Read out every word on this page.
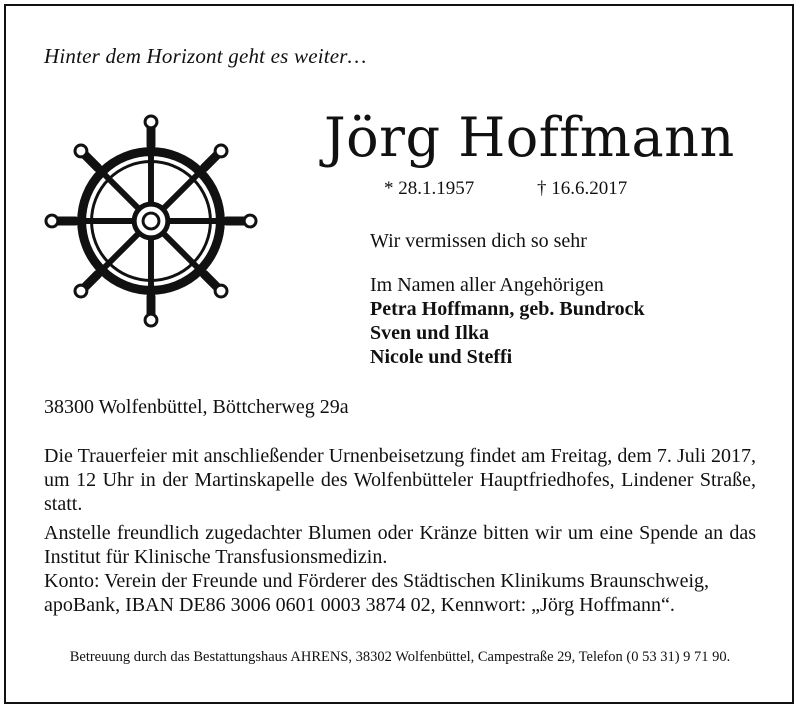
Hinter dem Horizont geht es weiter…
Jörg Hoffmann
* 28.1.1957	† 16.6.2017
Wir vermissen dich so sehr
Im Namen aller Angehörigen
Petra Hoffmann, geb. Bundrock
Sven und Ilka
Nicole und Steffi
38300 Wolfenbüttel, Böttcherweg 29a

Die Trauerfeier mit anschließender Urnenbeisetzung findet am Freitag, dem 7. Juli 2017, um 12 Uhr in der Martinskapelle des Wolfenbütteler Hauptfriedhofes, Lindener Straße, statt.

Anstelle freundlich zugedachter Blumen oder Kränze bitten wir um eine Spende an das Institut für Klinische Transfusionsmedizin.

Konto: Verein der Freunde und Förderer des Städtischen Klinikums Braunschweig,
apoBank, IBAN DE86 3006 0601 0003 3874 02, Kennwort: „Jörg Hoffmann“.
Betreuung durch das Bestattungshaus AHRENS, 38302 Wolfenbüttel, Campestraße 29, Telefon (0 53 31) 9 71 90.
